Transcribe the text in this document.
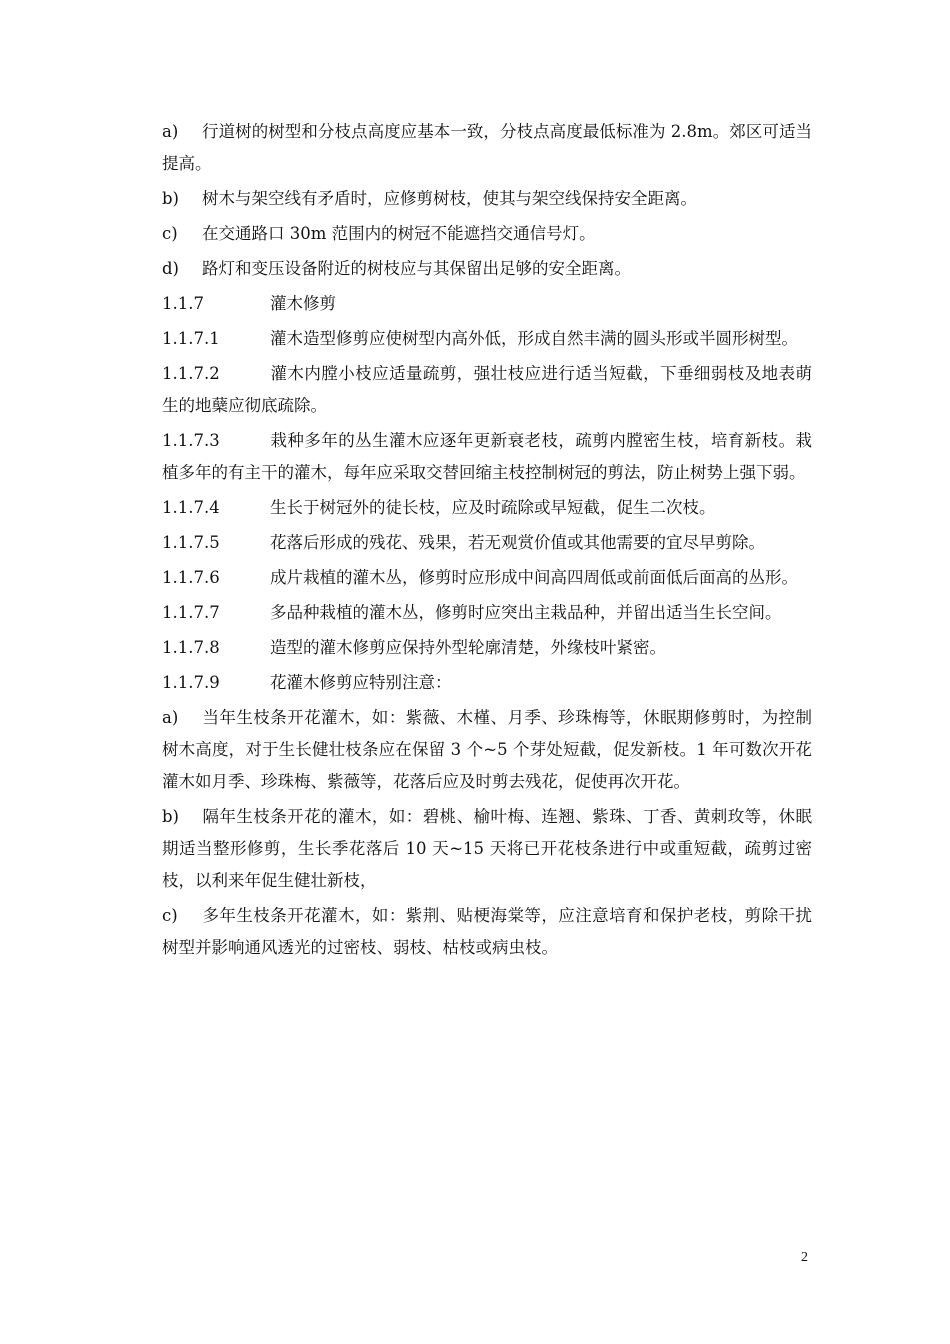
a) 行道树的树型和分枝点高度应基本一致，分枝点高度最低标准为 2.8m。郊区可适当提高。

b) 树木与架空线有矛盾时，应修剪树枝，使其与架空线保持安全距离。

c) 在交通路口 30m 范围内的树冠不能遮挡交通信号灯。

d) 路灯和变压设备附近的树枝应与其保留出足够的安全距离。

1.1.7	灌木修剪

1.1.7.1	灌木造型修剪应使树型内高外低，形成自然丰满的圆头形或半圆形树型。

1.1.7.2	灌木内膛小枝应适量疏剪，强壮枝应进行适当短截，下垂细弱枝及地表萌生的地蘖应彻底疏除。

1.1.7.3	栽种多年的丛生灌木应逐年更新衰老枝，疏剪内膛密生枝，培育新枝。栽植多年的有主干的灌木，每年应采取交替回缩主枝控制树冠的剪法，防止树势上强下弱。

1.1.7.4	生长于树冠外的徒长枝，应及时疏除或早短截，促生二次枝。

1.1.7.5	花落后形成的残花、残果，若无观赏价值或其他需要的宜尽早剪除。

1.1.7.6	成片栽植的灌木丛，修剪时应形成中间高四周低或前面低后面高的丛形。

1.1.7.7	多品种栽植的灌木丛，修剪时应突出主栽品种，并留出适当生长空间。

1.1.7.8	造型的灌木修剪应保持外型轮廓清楚，外缘枝叶紧密。

1.1.7.9	花灌木修剪应特别注意：

a) 当年生枝条开花灌木，如：紫薇、木槿、月季、珍珠梅等，休眠期修剪时，为控制树木高度，对于生长健壮枝条应在保留 3 个~5 个芽处短截，促发新枝。1 年可数次开花灌木如月季、珍珠梅、紫薇等，花落后应及时剪去残花，促使再次开花。

b) 隔年生枝条开花的灌木，如：碧桃、榆叶梅、连翘、紫珠、丁香、黄刺玫等，休眠期适当整形修剪，生长季花落后 10 天~15 天将已开花枝条进行中或重短截，疏剪过密枝，以利来年促生健壮新枝，

c) 多年生枝条开花灌木，如：紫荆、贴梗海棠等，应注意培育和保护老枝，剪除干扰树型并影响通风透光的过密枝、弱枝、枯枝或病虫枝。

2
